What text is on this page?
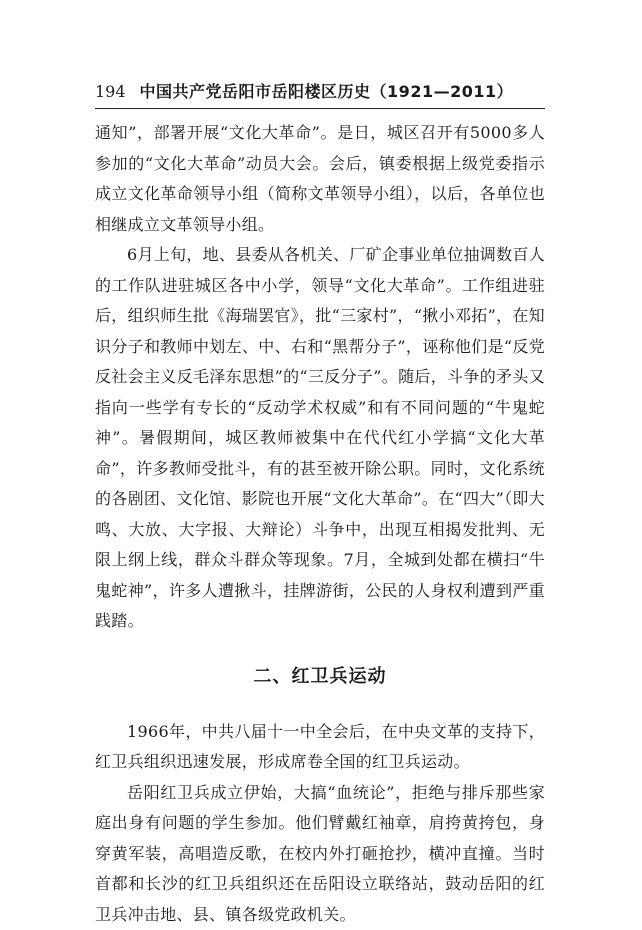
194 中国共产党岳阳市岳阳楼区历史（1921—2011）

通知”，部署开展“文化大革命”。是日，城区召开有5000多人参加的“文化大革命”动员大会。会后，镇委根据上级党委指示成立文化革命领导小组（简称文革领导小组），以后，各单位也相继成立文革领导小组。

6月上旬，地、县委从各机关、厂矿企事业单位抽调数百人的工作队进驻城区各中小学，领导“文化大革命”。工作组进驻后，组织师生批《海瑞罢官》，批“三家村”，“揪小邓拓”，在知识分子和教师中划左、中、右和“黑帮分子”，诬称他们是“反党反社会主义反毛泽东思想”的“三反分子”。随后，斗争的矛头又指向一些学有专长的“反动学术权威”和有不同问题的“牛鬼蛇神”。暑假期间，城区教师被集中在代代红小学搞“文化大革命”，许多教师受批斗，有的甚至被开除公职。同时，文化系统的各剧团、文化馆、影院也开展“文化大革命”。在“四大”（即大鸣、大放、大字报、大辩论）斗争中，出现互相揭发批判、无限上纲上线，群众斗群众等现象。7月，全城到处都在横扫“牛鬼蛇神”，许多人遭揪斗，挂牌游街，公民的人身权利遭到严重践踏。

二、红卫兵运动

1966年，中共八届十一中全会后，在中央文革的支持下，红卫兵组织迅速发展，形成席卷全国的红卫兵运动。

岳阳红卫兵成立伊始，大搞“血统论”，拒绝与排斥那些家庭出身有问题的学生参加。他们臂戴红袖章，肩挎黄挎包，身穿黄军装，高唱造反歌，在校内外打砸抢抄，横冲直撞。当时首都和长沙的红卫兵组织还在岳阳设立联络站，鼓动岳阳的红卫兵冲击地、县、镇各级党政机关。
